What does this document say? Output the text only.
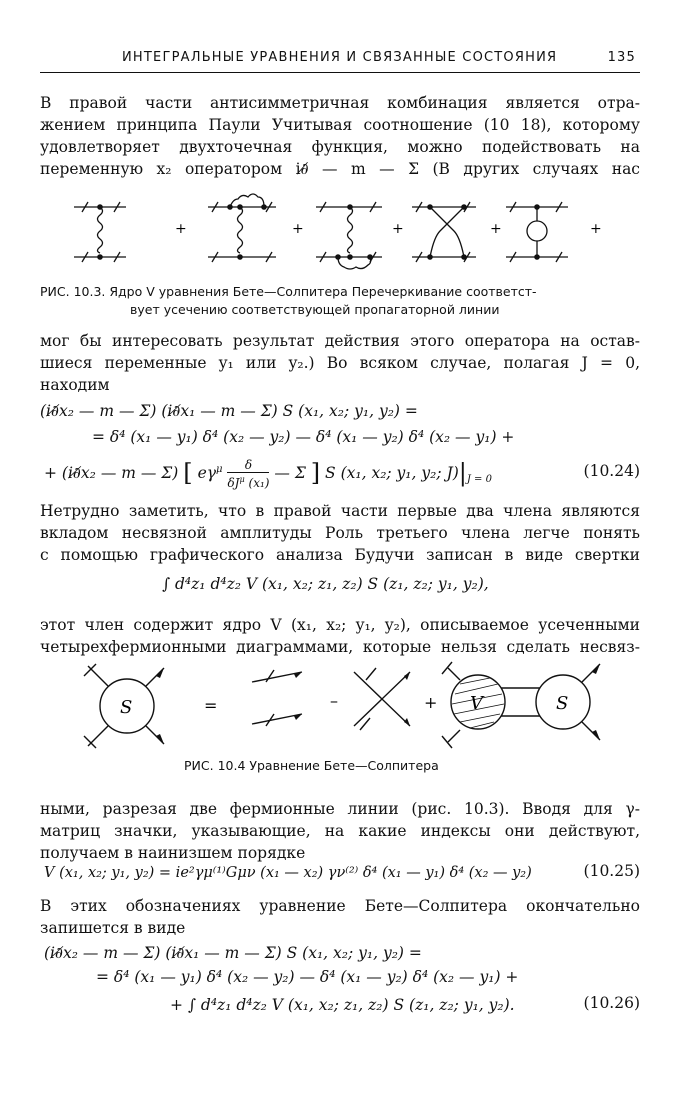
ИНТЕГРАЛЬНЫЕ УРАВНЕНИЯ И СВЯЗАННЫЕ СОСТОЯНИЯ	135
В правой части антисимметричная комбинация является отра-
жением принципа Паули Учитывая соотношение (10 18), которому
удовлетворяет двухточечная функция, можно подействовать на
переменную x₂ оператором i∂̸ — m — Σ (В других случаях нас
+	+	+	+	+
РИС. 10.3. Ядро V уравнения Бете—Солпитера Перечеркивание соответст-
вует усечению соответствующей пропагаторной линии
мог бы интересовать результат действия этого оператора на остав-
шиеся переменные y₁ или y₂.) Во всяком случае, полагая J = 0,
находим
(i∂̸x₂ — m — Σ) (i∂̸x₁ — m — Σ) S (x₁, x₂; y₁, y₂) =
= δ⁴ (x₁ — y₁) δ⁴ (x₂ — y₂) — δ⁴ (x₁ — y₂) δ⁴ (x₂ — y₁) +
+ (i∂̸x₂ — m — Σ) [ $e\gamma^\mu$	δ
$\delta J^\mu$ (x₁)
— Σ ] S (x₁, x₂; y₁, y₂; $J)|_{J = 0}$	(10.24)
Нетрудно заметить, что в правой части первые два члена являются
вкладом несвязной амплитуды Роль третьего члена легче понять
с помощью графического анализа Будучи записан в виде свертки
∫ d⁴z₁ d⁴z₂ V (x₁, x₂; z₁, z₂) S (z₁, z₂; y₁, y₂),
этот член содержит ядро V (x₁, x₂; y₁, y₂), описываемое усеченными
четырехфермионными диаграммами, которые нельзя сделать несвяз-
S	=	–	+ V	S
РИС. 10.4 Уравнение Бете—Солпитера
ными, разрезая две фермионные линии (рис. 10.3). Вводя для γ-
матриц значки, указывающие, на какие индексы они действуют,
получаем в наинизшем порядке
V (x₁, x₂; y₁, y₂) = ie²γμ⁽¹⁾Gμν (x₁ — x₂) γν⁽²⁾ δ⁴ (x₁ — y₁) δ⁴ (x₂ — y₂)	(10.25)
В этих обозначениях уравнение Бете—Солпитера окончательно
запишется в виде
(i∂̸x₂ — m — Σ) (i∂̸x₁ — m — Σ) S (x₁, x₂; y₁, y₂) =
= δ⁴ (x₁ — y₁) δ⁴ (x₂ — y₂) — δ⁴ (x₁ — y₂) δ⁴ (x₂ — y₁) +
+ ∫ d⁴z₁ d⁴z₂ V (x₁, x₂; z₁, z₂) S (z₁, z₂; y₁, y₂).	(10.26)
